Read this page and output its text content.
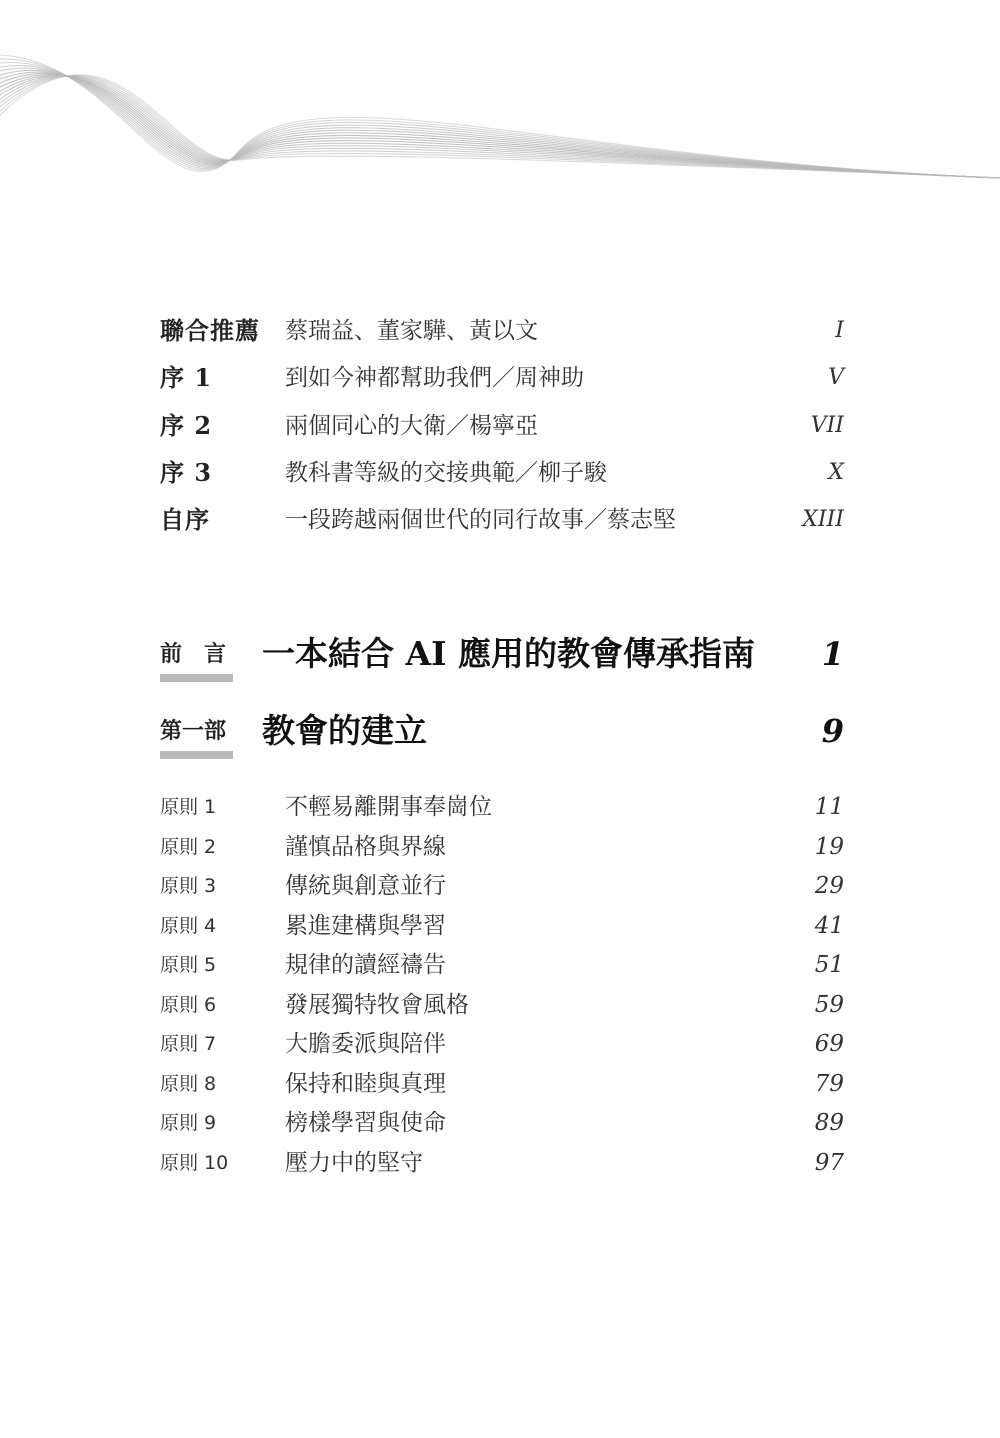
聯合推薦 蔡瑞益、董家驊、黃以文	I
序 1	到如今神都幫助我們／周神助	V
序 2	兩個同心的大衛／楊寧亞	VII
序 3	教科書等級的交接典範／柳子駿	X
自序	一段跨越兩個世代的同行故事／蔡志堅	XIII
前　言 一本結合 AI 應用的教會傳承指南 1
第一部 教會的建立	9
原則 1	不輕易離開事奉崗位	11
原則 2	謹慎品格與界線	19
原則 3	傳統與創意並行	29
原則 4	累進建構與學習	41
原則 5	規律的讀經禱告	51
原則 6	發展獨特牧會風格	59
原則 7	大膽委派與陪伴	69
原則 8	保持和睦與真理	79
原則 9	榜樣學習與使命	89
原則 10 壓力中的堅守	97
